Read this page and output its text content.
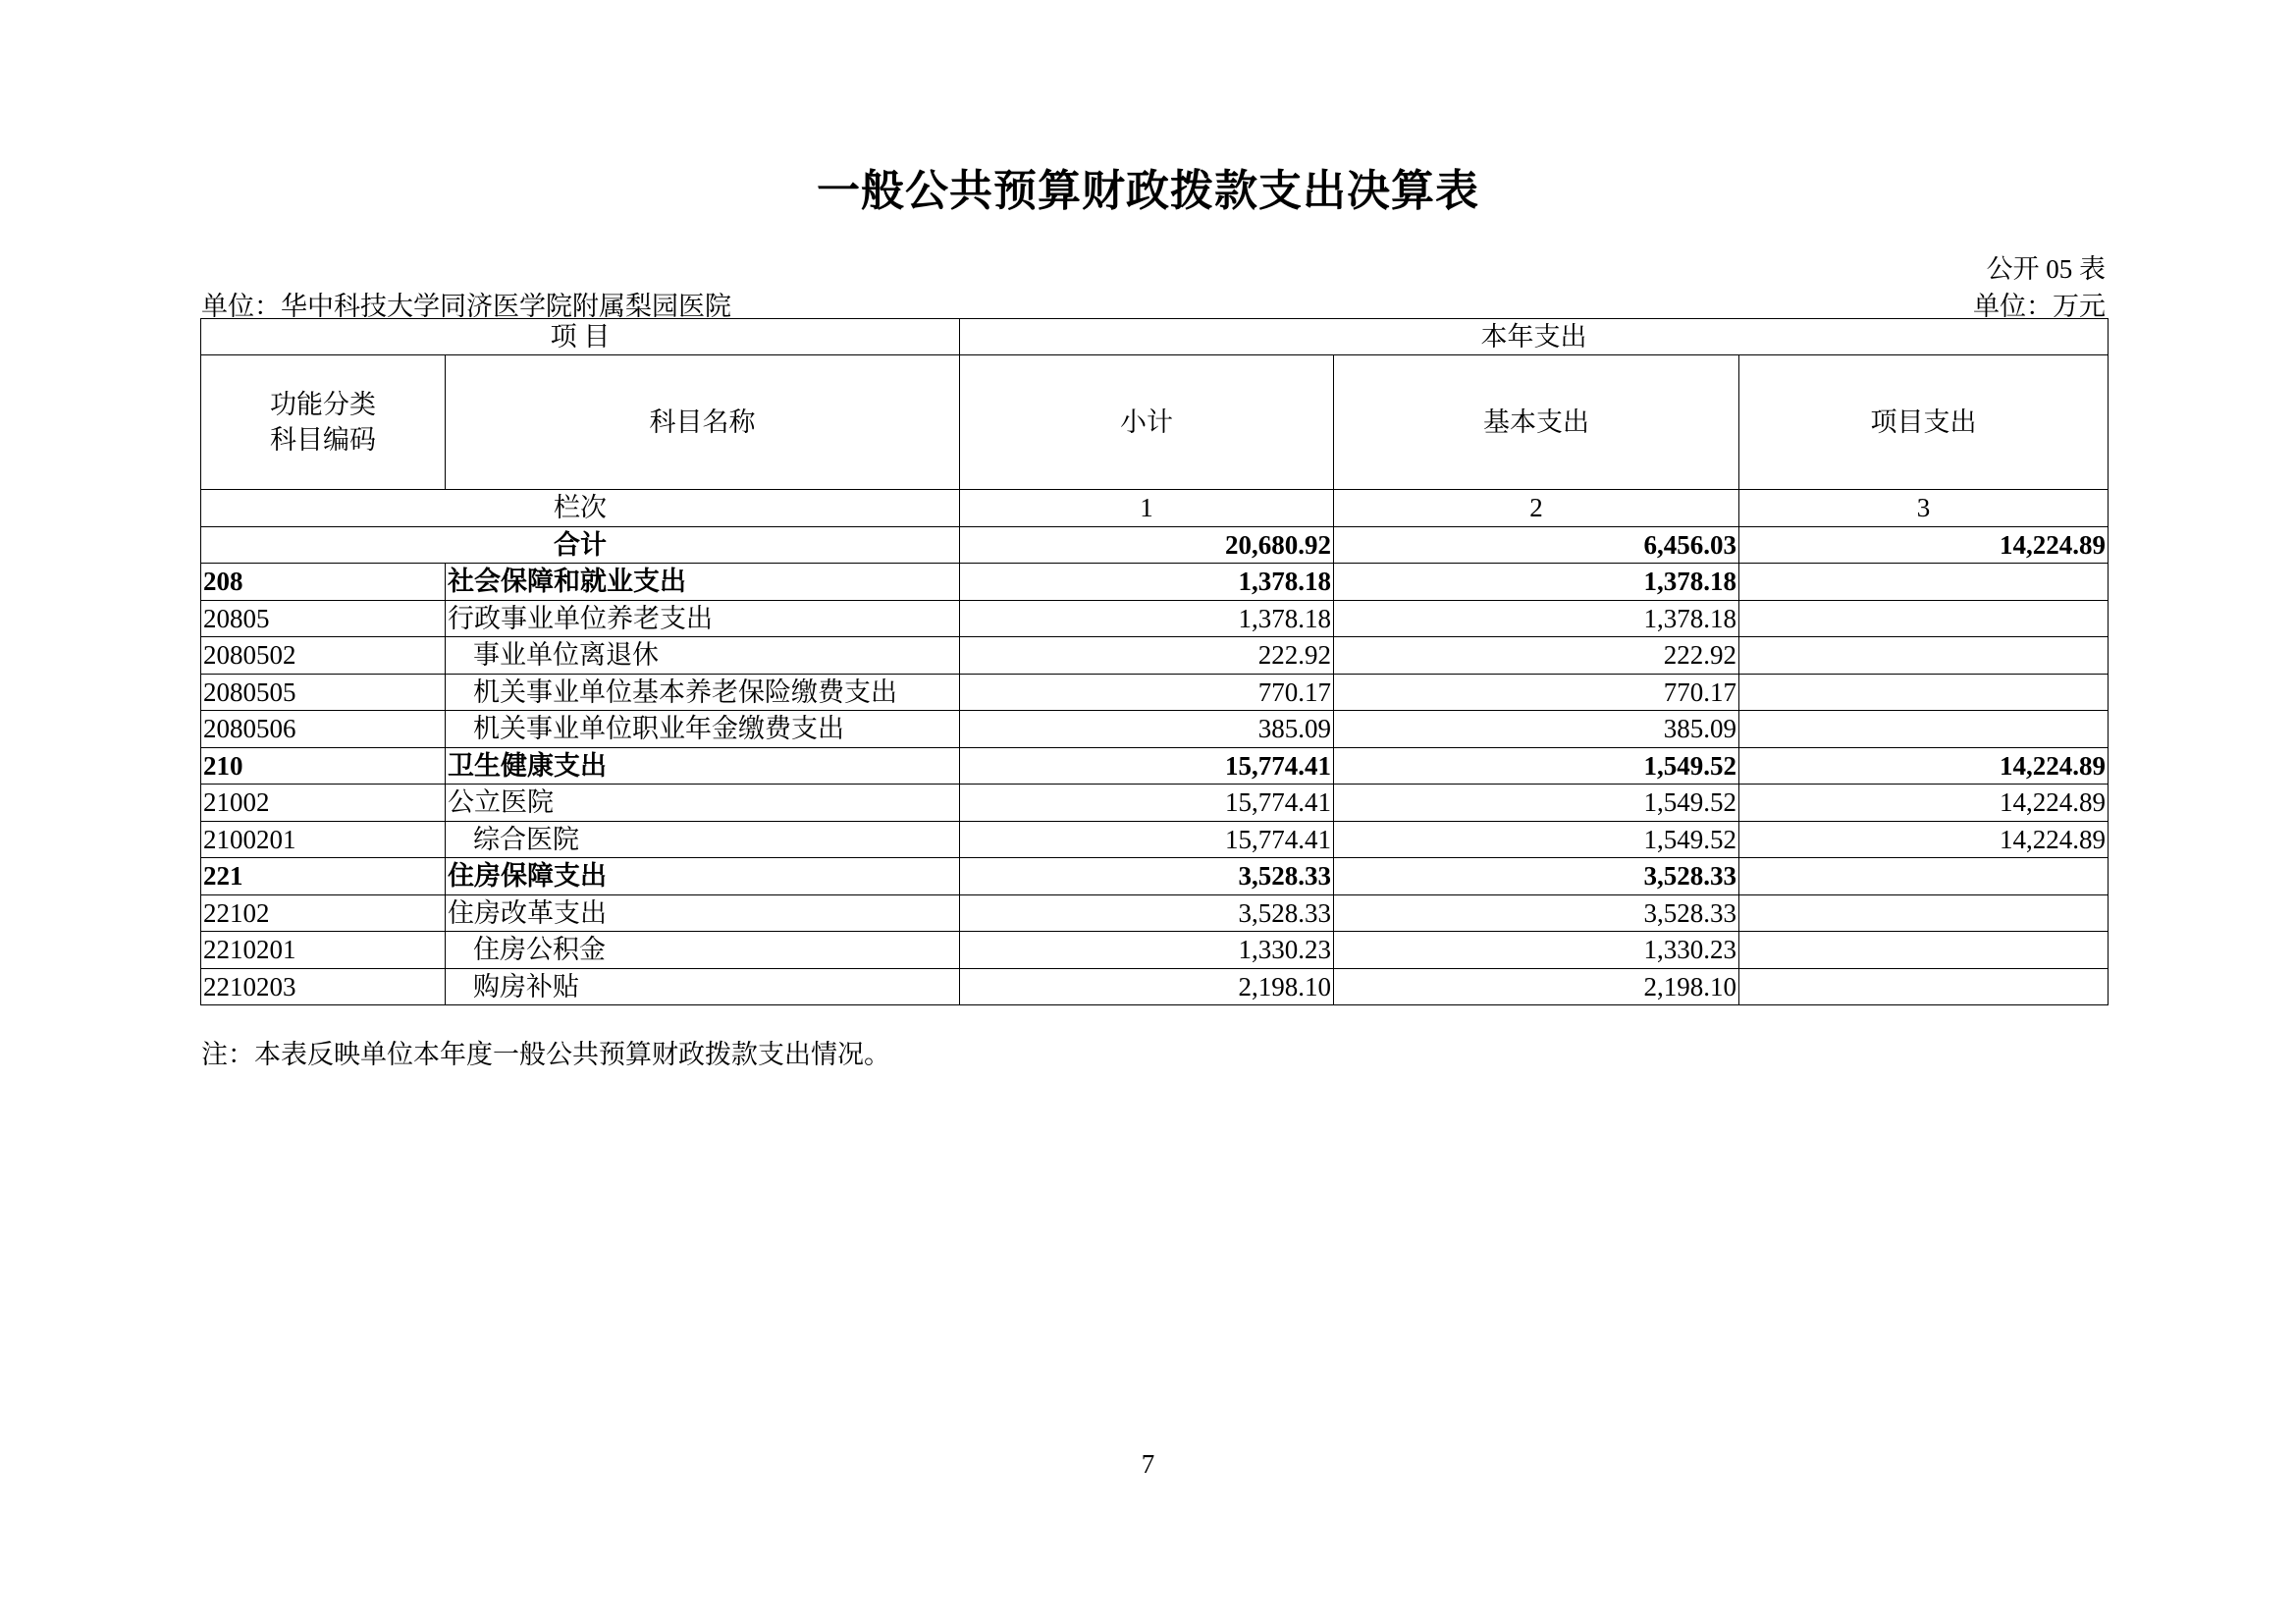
一般公共预算财政拨款支出决算表
公开 05 表
单位：华中科技大学同济医学院附属梨园医院	单位：万元
项 目		本年支出		
功能分类科目编码	科目名称	小计	基本支出	项目支出
栏次		1	2	3
合计		20,680.92	6,456.03	14,224.89
208	社会保障和就业支出	1,378.18	1,378.18	
20805	行政事业单位养老支出	1,378.18	1,378.18	
2080502	事业单位离退休	222.92	222.92	
2080505	机关事业单位基本养老保险缴费支出	770.17	770.17	
2080506	机关事业单位职业年金缴费支出	385.09	385.09	
210	卫生健康支出	15,774.41	1,549.52	14,224.89
21002	公立医院	15,774.41	1,549.52	14,224.89
2100201	综合医院	15,774.41	1,549.52	14,224.89
221	住房保障支出	3,528.33	3,528.33	
22102	住房改革支出	3,528.33	3,528.33	
2210201	住房公积金	1,330.23	1,330.23	
2210203	购房补贴	2,198.10	2,198.10	
注：本表反映单位本年度一般公共预算财政拨款支出情况。
7
